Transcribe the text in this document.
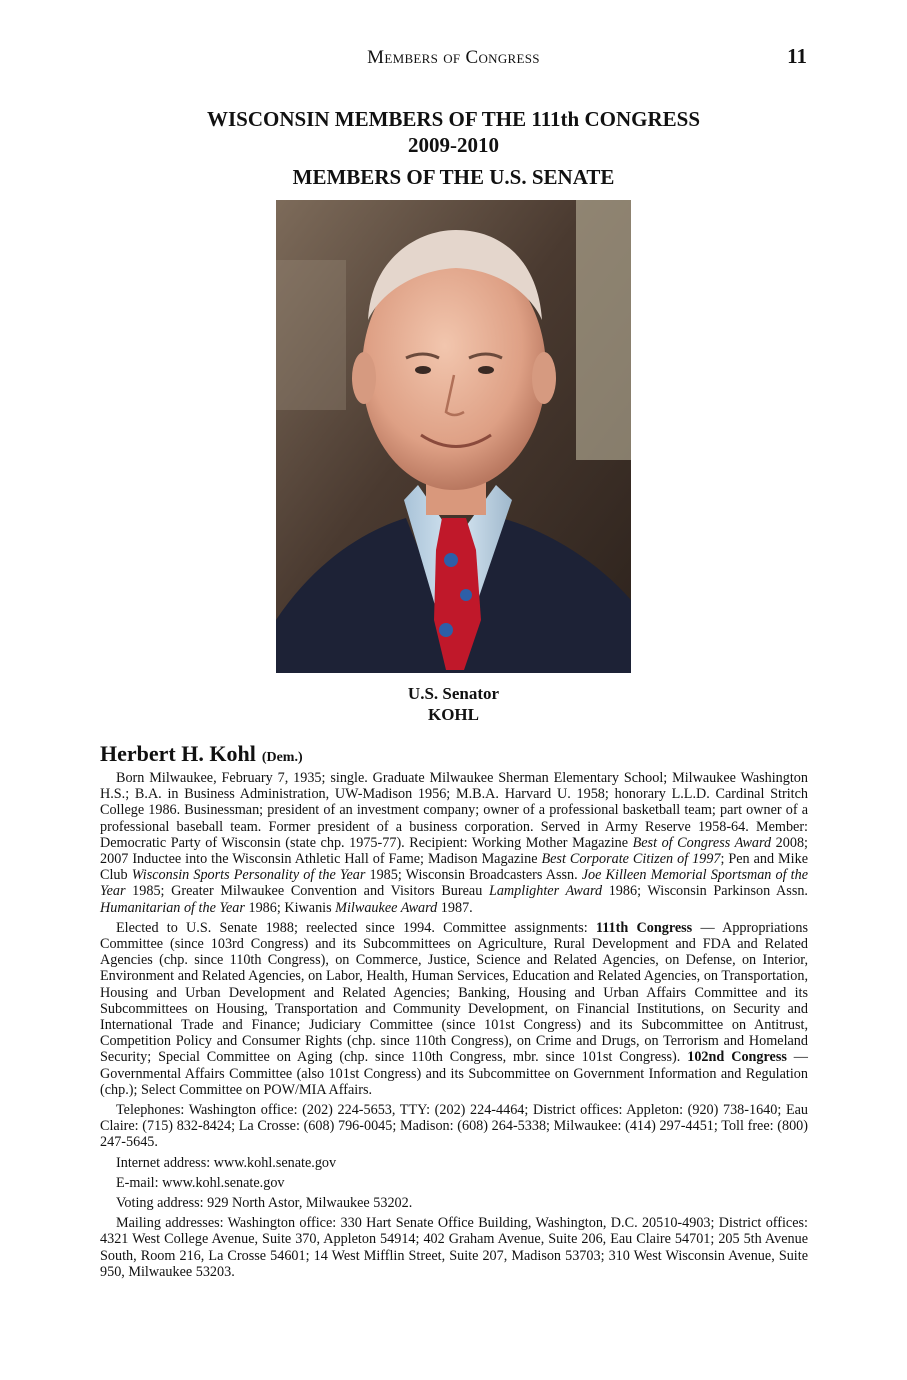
Members of Congress	11
WISCONSIN MEMBERS OF THE 111th CONGRESS
2009-2010
MEMBERS OF THE U.S. SENATE
U.S. Senator
KOHL
Herbert H. Kohl (Dem.)

Born Milwaukee, February 7, 1935; single. Graduate Milwaukee Sherman Elementary School; Milwaukee Washington H.S.; B.A. in Business Administration, UW-Madison 1956; M.B.A. Harvard U. 1958; honorary L.L.D. Cardinal Stritch College 1986. Businessman; president of an investment company; owner of a professional basketball team; part owner of a professional baseball team. Former president of a business corporation. Served in Army Reserve 1958-64. Member: Democratic Party of Wisconsin (state chp. 1975-77). Recipient: Working Mother Magazine Best of Congress Award 2008; 2007 Inductee into the Wisconsin Athletic Hall of Fame; Madison Magazine Best Corporate Citizen of 1997; Pen and Mike Club Wisconsin Sports Personality of the Year 1985; Wisconsin Broadcasters Assn. Joe Killeen Memorial Sportsman of the Year 1985; Greater Milwaukee Convention and Visitors Bureau Lamplighter Award 1986; Wisconsin Parkinson Assn. Humanitarian of the Year 1986; Kiwanis Milwaukee Award 1987.

Elected to U.S. Senate 1988; reelected since 1994. Committee assignments: 111th Congress — Appropriations Committee (since 103rd Congress) and its Subcommittees on Agriculture, Rural Development and FDA and Related Agencies (chp. since 110th Congress), on Commerce, Justice, Science and Related Agencies, on Defense, on Interior, Environment and Related Agencies, on Labor, Health, Human Services, Education and Related Agencies, on Transportation, Housing and Urban Development and Related Agencies; Banking, Housing and Urban Affairs Committee and its Subcommittees on Housing, Transportation and Community Development, on Financial Institutions, on Security and International Trade and Finance; Judiciary Committee (since 101st Congress) and its Subcommittee on Antitrust, Competition Policy and Consumer Rights (chp. since 110th Congress), on Crime and Drugs, on Terrorism and Homeland Security; Special Committee on Aging (chp. since 110th Congress, mbr. since 101st Congress). 102nd Congress — Governmental Affairs Committee (also 101st Congress) and its Subcommittee on Government Information and Regulation (chp.); Select Committee on POW/MIA Affairs.

Telephones: Washington office: (202) 224-5653, TTY: (202) 224-4464; District offices: Appleton: (920) 738-1640; Eau Claire: (715) 832-8424; La Crosse: (608) 796-0045; Madison: (608) 264-5338; Milwaukee: (414) 297-4451; Toll free: (800) 247-5645.

Internet address: www.kohl.senate.gov

E-mail: www.kohl.senate.gov

Voting address: 929 North Astor, Milwaukee 53202.

Mailing addresses: Washington office: 330 Hart Senate Office Building, Washington, D.C. 20510-4903; District offices: 4321 West College Avenue, Suite 370, Appleton 54914; 402 Graham Avenue, Suite 206, Eau Claire 54701; 205 5th Avenue South, Room 216, La Crosse 54601; 14 West Mifflin Street, Suite 207, Madison 53703; 310 West Wisconsin Avenue, Suite 950, Milwaukee 53203.
